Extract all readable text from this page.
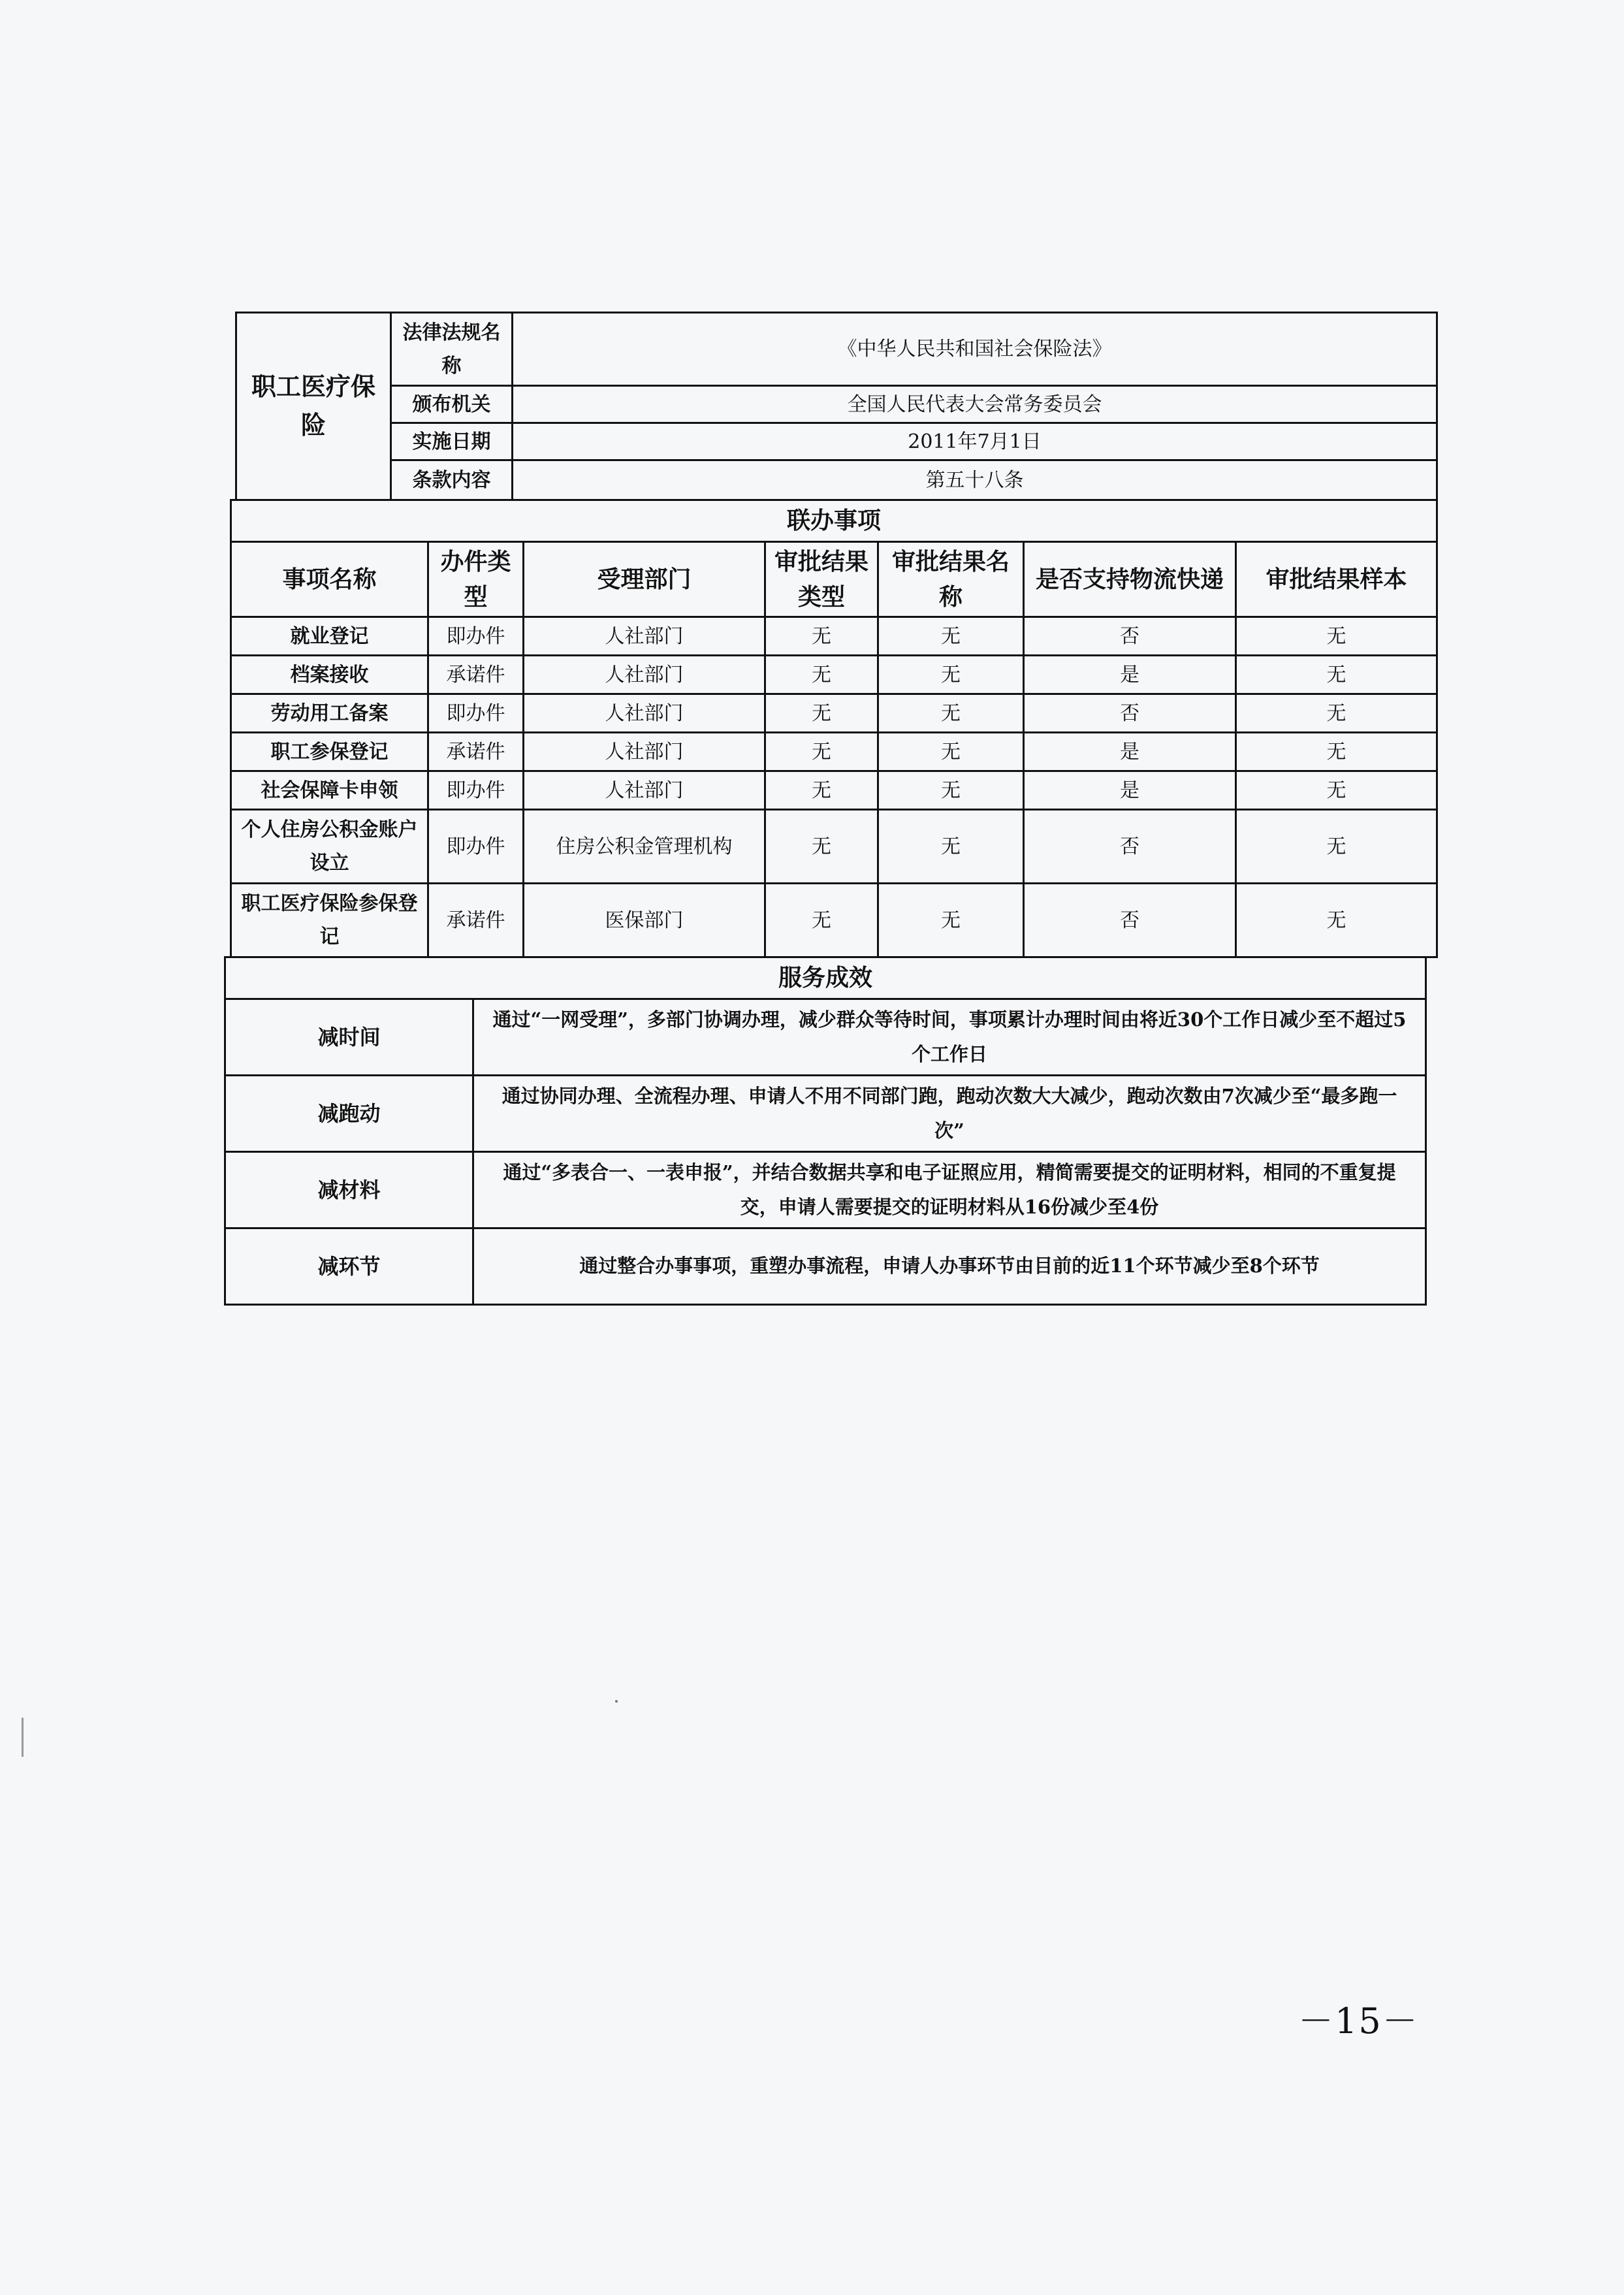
职工医疗保险	法律法规名称	《中华人民共和国社会保险法》
	颁布机关	全国人民代表大会常务委员会
	实施日期	2011年7月1日
	条款内容	第五十八条
联办事项						
事项名称	办件类型	受理部门	审批结果类型	审批结果名称	是否支持物流快递	审批结果样本
就业登记	即办件	人社部门	无	无	否	无
档案接收	承诺件	人社部门	无	无	是	无
劳动用工备案	即办件	人社部门	无	无	否	无
职工参保登记	承诺件	人社部门	无	无	是	无
社会保障卡申领	即办件	人社部门	无	无	是	无
个人住房公积金账户设立	即办件	住房公积金管理机构	无	无	否	无
职工医疗保险参保登记	承诺件	医保部门	无	无	否	无
服务成效	
减时间	通过“一网受理”，多部门协调办理，减少群众等待时间，事项累计办理时间由将近30个工作日减少至不超过5个工作日
减跑动	通过协同办理、全流程办理、申请人不用不同部门跑，跑动次数大大减少，跑动次数由7次减少至“最多跑一次”
减材料	通过“多表合一、一表申报”，并结合数据共享和电子证照应用，精简需要提交的证明材料，相同的不重复提交，申请人需要提交的证明材料从16份减少至4份
减环节	通过整合办事事项，重塑办事流程，申请人办事环节由目前的近11个环节减少至8个环节
－15－
